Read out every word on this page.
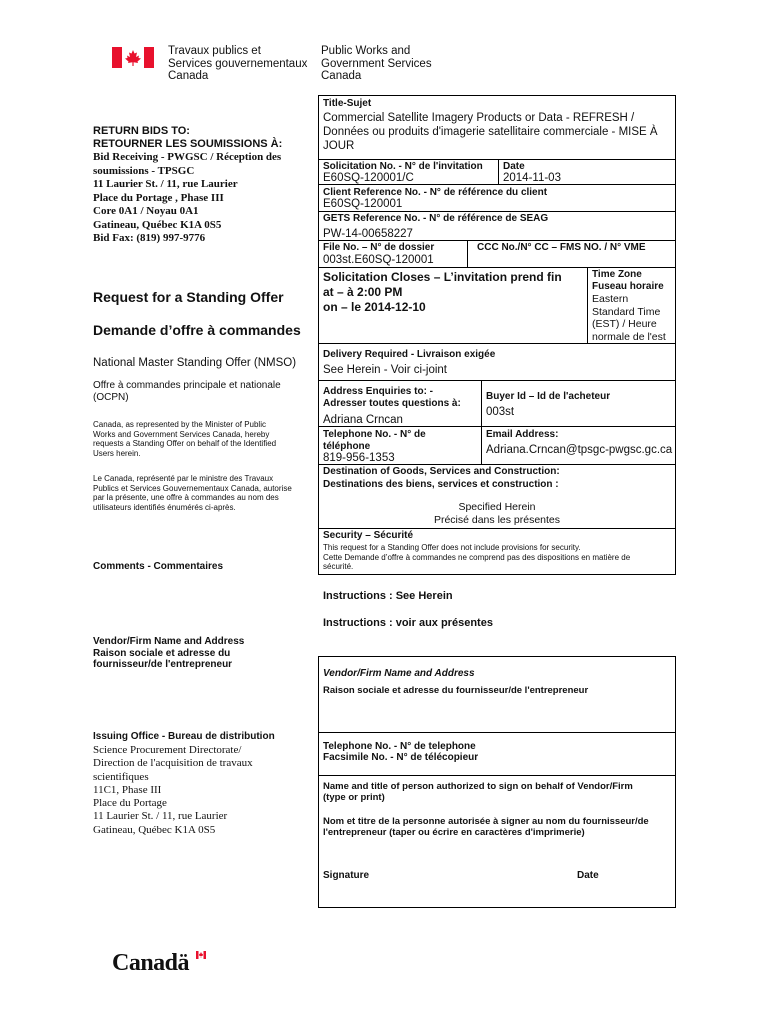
Travaux publics et
Services gouvernementaux
Canada
Public Works and
Government Services
Canada
RETURN BIDS TO:
RETOURNER LES SOUMISSIONS À:
Bid Receiving - PWGSC / Réception des
soumissions - TPSGC
11 Laurier St. / 11, rue Laurier
Place du Portage , Phase III
Core 0A1 / Noyau 0A1
Gatineau, Québec K1A 0S5
Bid Fax: (819) 997-9776
Request for a Standing Offer
Demande d’offre à commandes
National Master Standing Offer (NMSO)
Offre à commandes principale et nationale
(OCPN)
Canada, as represented by the Minister of Public
Works and Government Services Canada, hereby
requests a Standing Offer on behalf of the Identified
Users herein.
Le Canada, représenté par le ministre des Travaux
Publics et Services Gouvernementaux Canada, autorise
par la présente, une offre à commandes au nom des
utilisateurs identifiés énumérés ci-après.
Comments - Commentaires
Vendor/Firm Name and Address
Raison sociale et adresse du
fournisseur/de l'entrepreneur
Issuing Office - Bureau de distribution
Science Procurement Directorate/
Direction de l'acquisition de travaux
scientifiques
11C1, Phase III
Place du Portage
11 Laurier St. / 11, rue Laurier
Gatineau, Québec K1A 0S5
Title-Sujet
Commercial Satellite Imagery Products or Data - REFRESH /
Données ou produits d'imagerie satellitaire commerciale - MISE À
JOUR
Solicitation No. - N° de l'invitation
E60SQ-120001/C
Date
2014-11-03
Client Reference No. - N° de référence du client
E60SQ-120001
GETS Reference No. - N° de référence de SEAG
PW-14-00658227
File No. – N° de dossier
003st.E60SQ-120001
CCC No./N° CC – FMS NO. / N° VME
Solicitation Closes – L’invitation prend fin
at – à 2:00 PM
on – le 2014-12-10
Time Zone
Fuseau horaire
Eastern
Standard Time
(EST) / Heure
normale de l'est
Delivery Required - Livraison exigée
See Herein - Voir ci-joint
Address Enquiries to: -
Adresser toutes questions à:
Adriana Crncan
Buyer Id – Id de l'acheteur
003st
Telephone No. - N° de
téléphone
819-956-1353
Email Address:
Adriana.Crncan@tpsgc-pwgsc.gc.ca
Destination of Goods, Services and Construction:
Destinations des biens, services et construction :
Specified Herein
Précisé dans les présentes
Security – Sécurité
This request for a Standing Offer does not include provisions for security.
Cette Demande d’offre à commandes ne comprend pas des dispositions en matière de
sécurité.
Instructions : See Herein
Instructions : voir aux présentes
Vendor/Firm Name and Address
Raison sociale et adresse du fournisseur/de l'entrepreneur
Telephone No. - N° de telephone
Facsimile No. - N° de télécopieur
Name and title of person authorized to sign on behalf of Vendor/Firm
(type or print)
Nom et titre de la personne autorisée à signer au nom du fournisseur/de
l'entrepreneur (taper ou écrire en caractères d'imprimerie)
Signature	Date
Canadä
